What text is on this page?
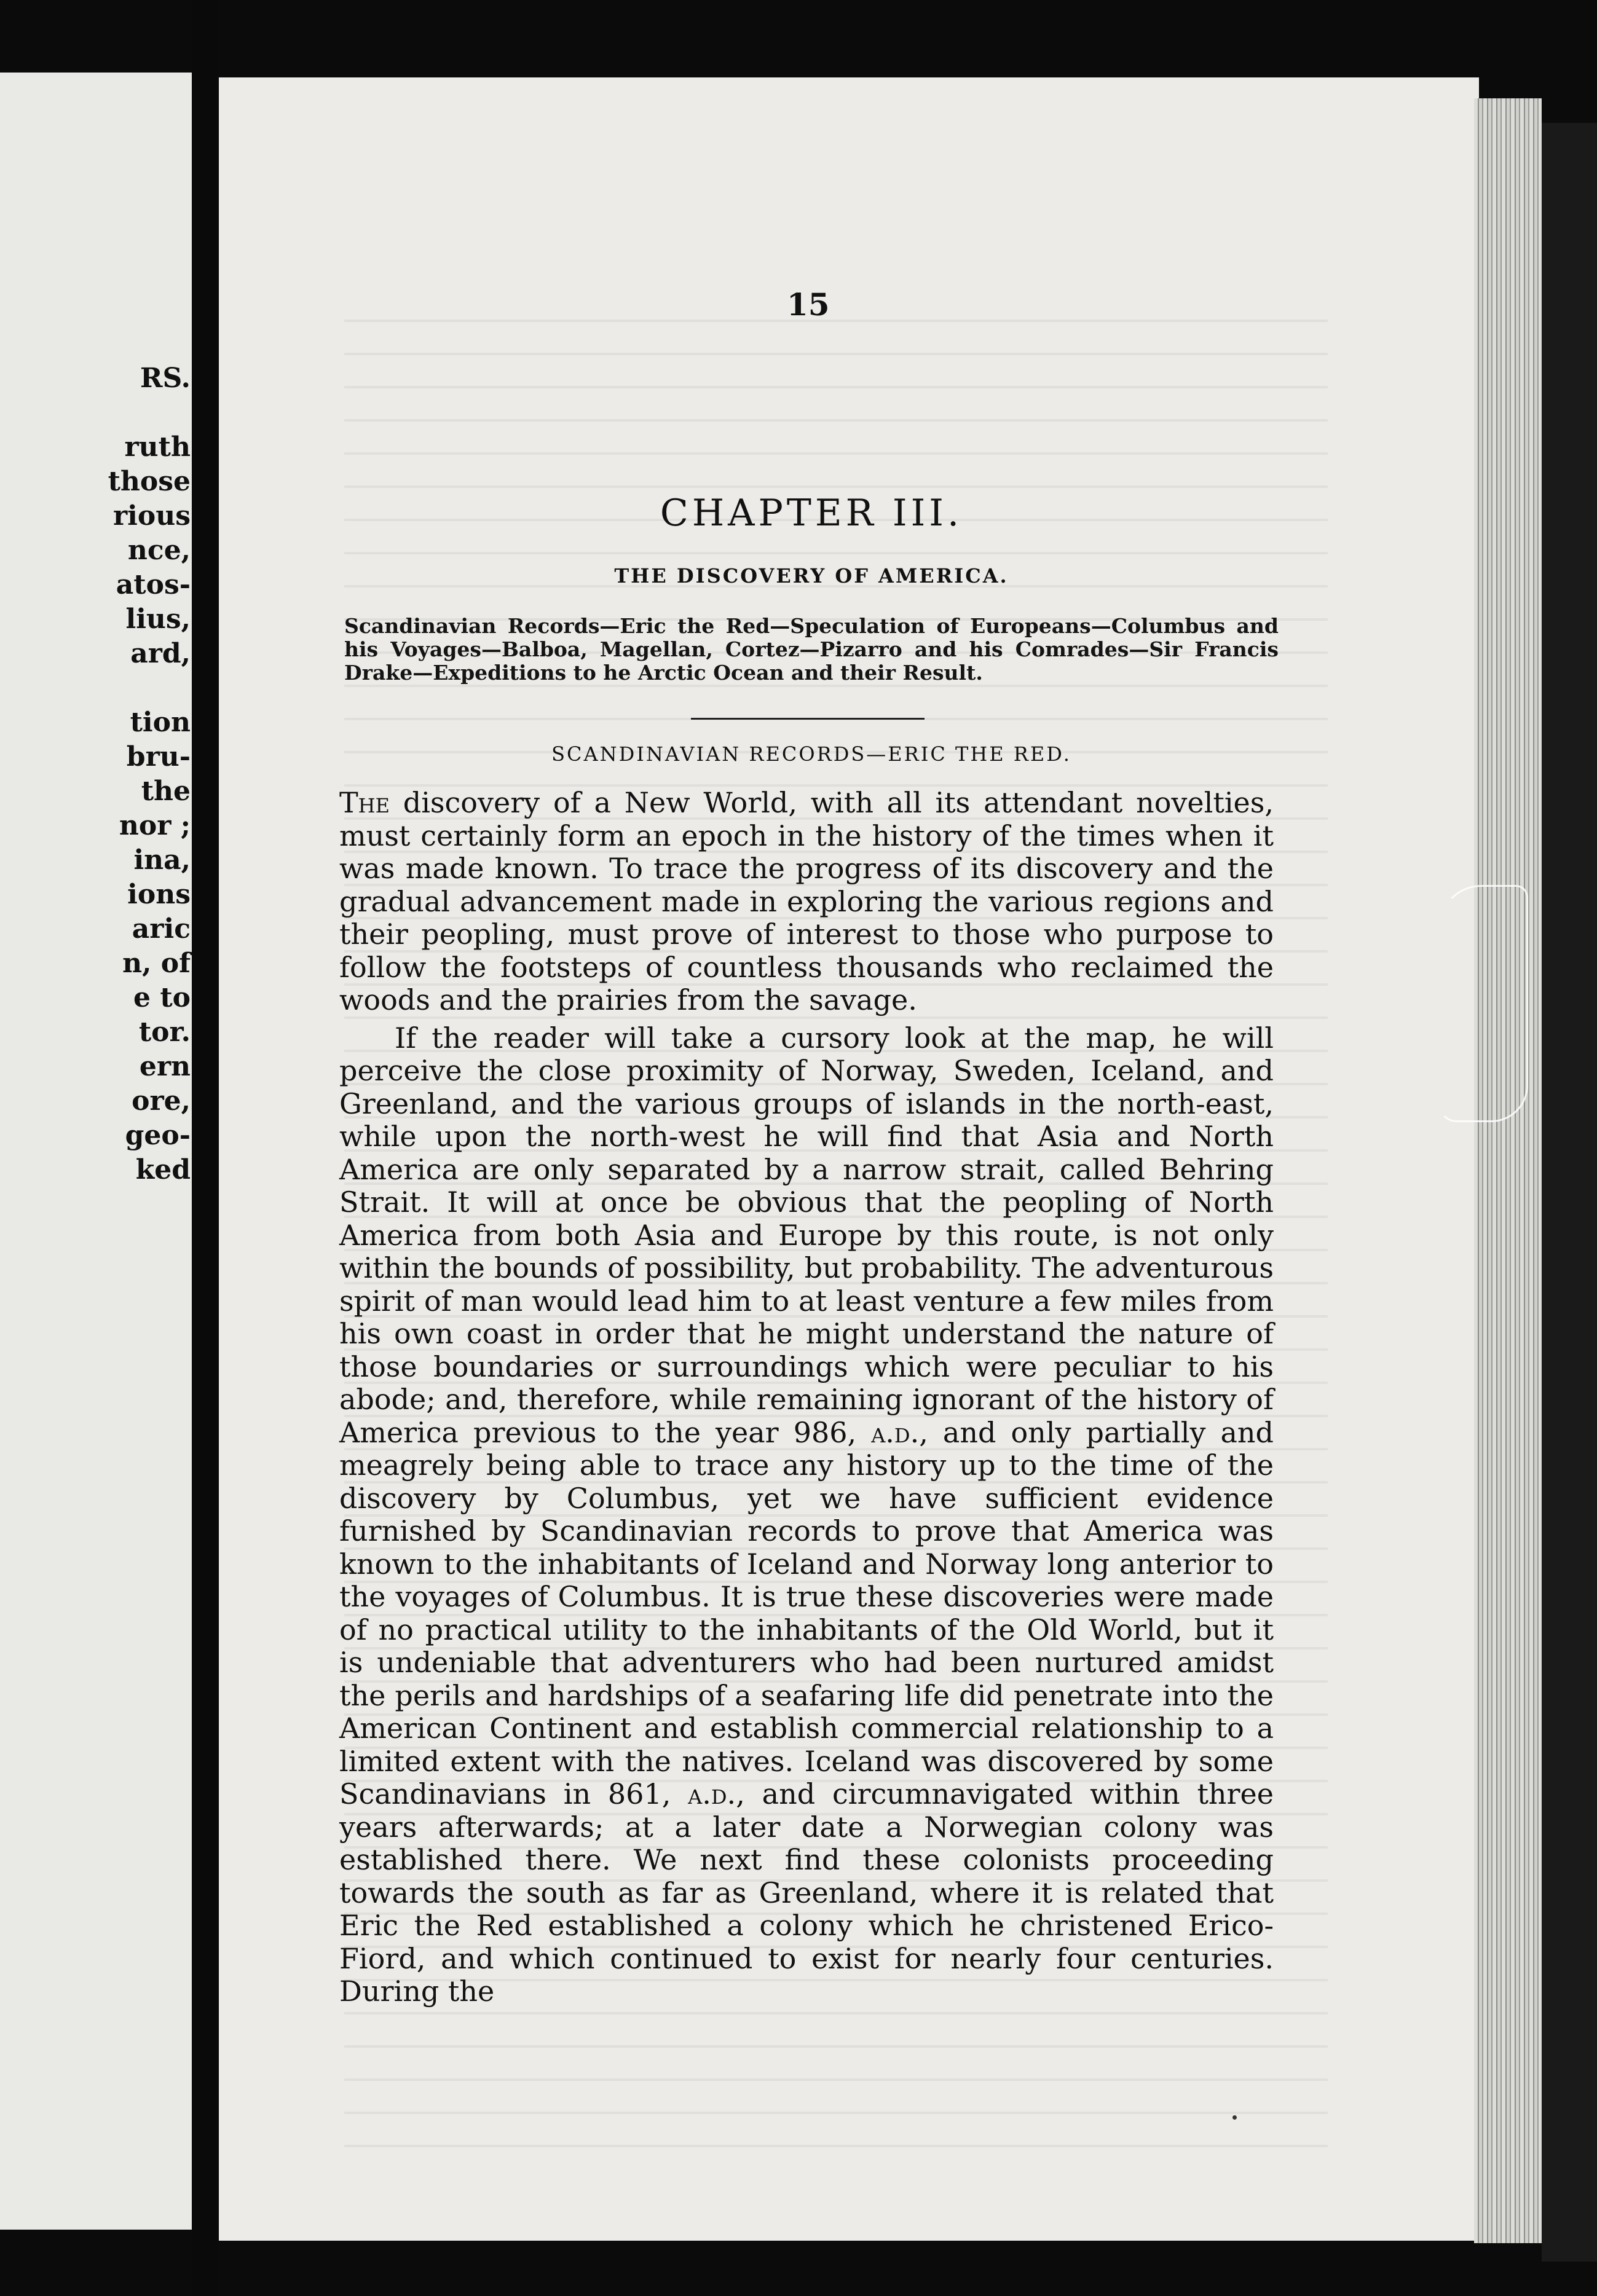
RS.

ruth
those
rious
nce,
atos-
lius,
ard,

tion
bru-
the
nor ;
ina,
ions
aric
n, of
e to
tor.
ern
ore,
geo-
ked
15
CHAPTER III.
THE DISCOVERY OF AMERICA.
Scandinavian Records—Eric the Red—Speculation of Europeans—Columbus and his Voyages—Balboa, Magellan, Cortez—Pizarro and his Comrades—Sir Francis Drake—Expeditions to he Arctic Ocean and their Result.
SCANDINAVIAN RECORDS—ERIC THE RED.

The discovery of a New World, with all its attendant novelties, must certainly form an epoch in the history of the times when it was made known. To trace the progress of its discovery and the gradual advancement made in exploring the various regions and their peopling, must prove of interest to those who purpose to follow the footsteps of countless thousands who reclaimed the woods and the prairies from the savage.

If the reader will take a cursory look at the map, he will perceive the close proximity of Norway, Sweden, Iceland, and Greenland, and the various groups of islands in the north-east, while upon the north-west he will find that Asia and North America are only separated by a narrow strait, called Behring Strait. It will at once be obvious that the peopling of North America from both Asia and Europe by this route, is not only within the bounds of possibility, but probability. The adventurous spirit of man would lead him to at least venture a few miles from his own coast in order that he might understand the nature of those boundaries or surroundings which were peculiar to his abode; and, therefore, while remaining ignorant of the history of America previous to the year 986, a.d., and only partially and meagrely being able to trace any history up to the time of the discovery by Columbus, yet we have sufficient evidence furnished by Scandinavian records to prove that America was known to the inhabitants of Iceland and Norway long anterior to the voyages of Columbus. It is true these discoveries were made of no practical utility to the inhabitants of the Old World, but it is undeniable that adventurers who had been nurtured amidst the perils and hardships of a seafaring life did penetrate into the American Continent and establish commercial relationship to a limited extent with the natives. Iceland was discovered by some Scandinavians in 861, a.d., and circumnavigated within three years afterwards; at a later date a Norwegian colony was established there. We next find these colonists proceeding towards the south as far as Greenland, where it is related that Eric the Red established a colony which he christened Erico-Fiord, and which continued to exist for nearly four centuries. During the
